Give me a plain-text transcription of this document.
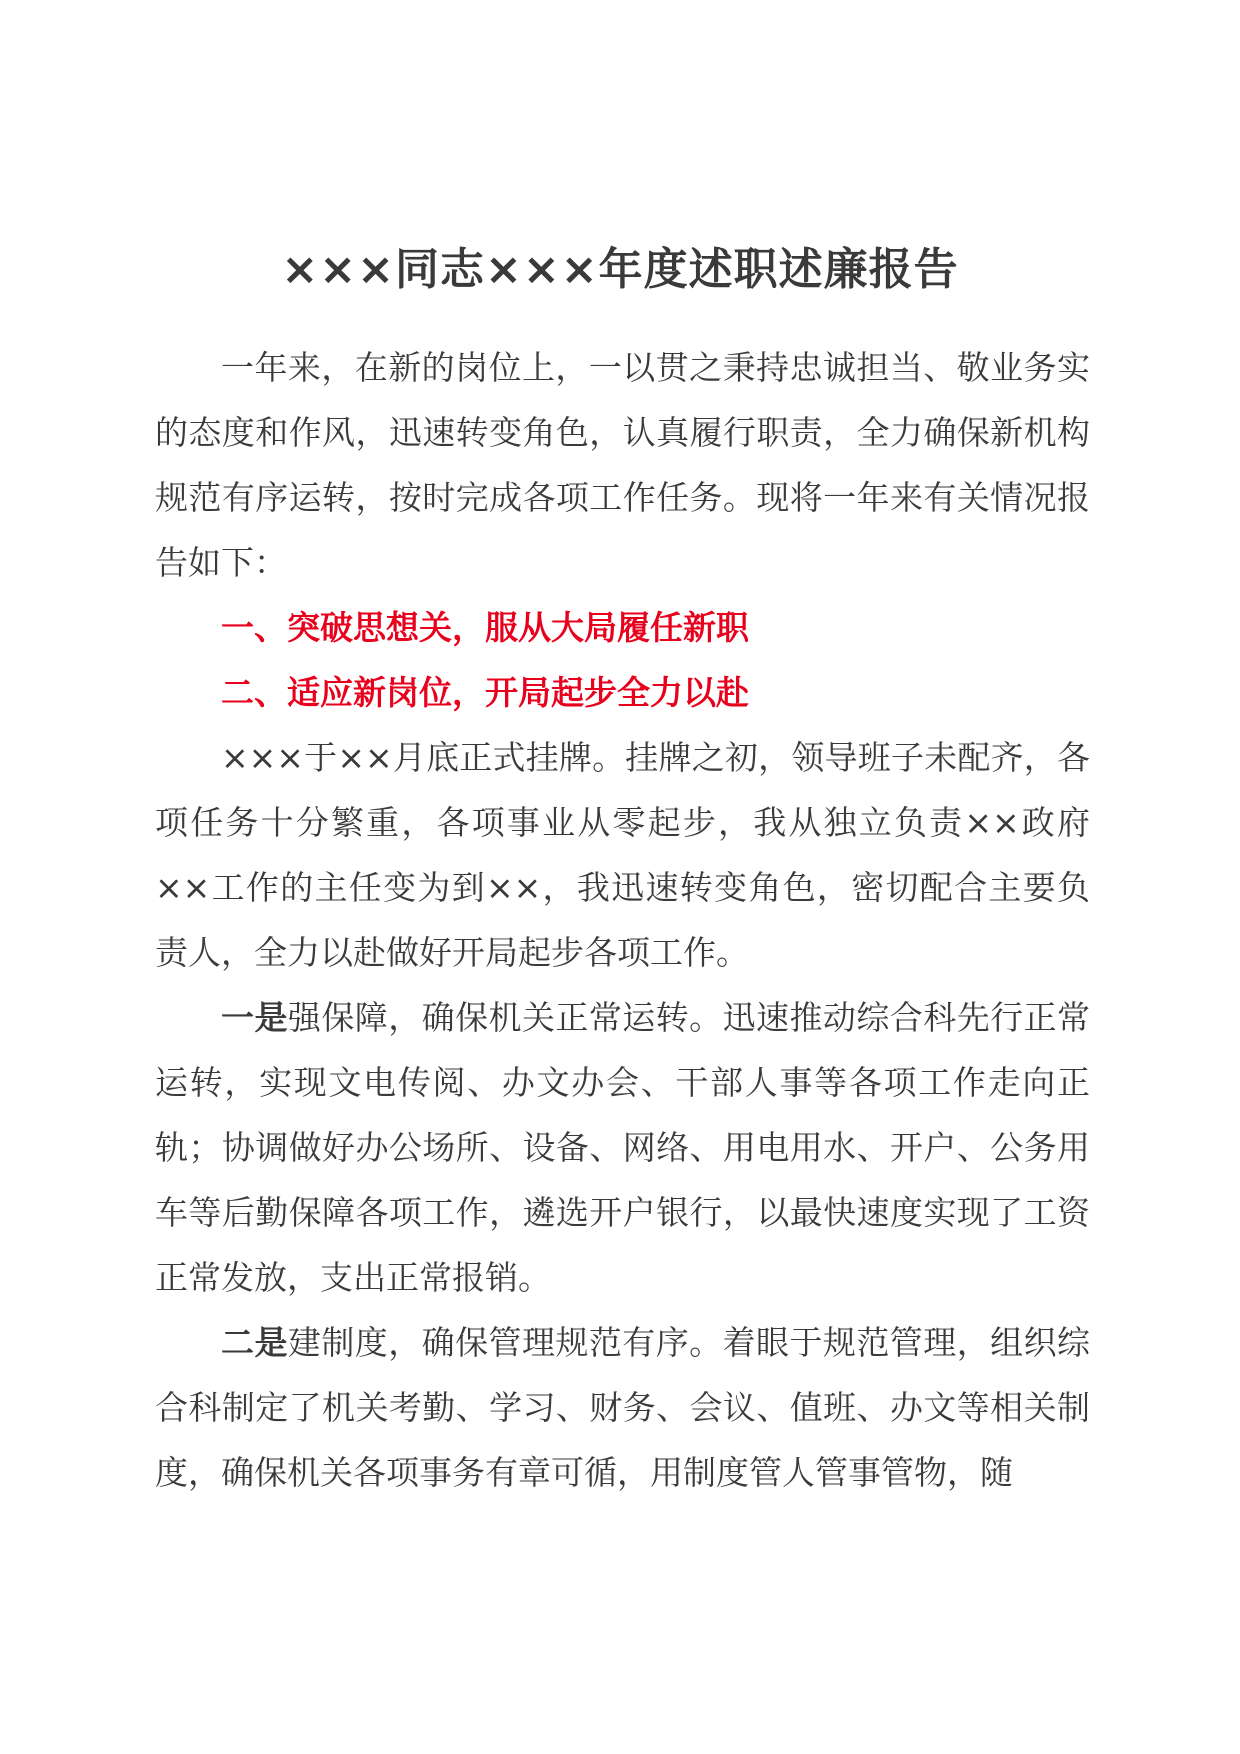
×××同志×××年度述职述廉报告

一年来，在新的岗位上，一以贯之秉持忠诚担当、敬业务实的态度和作风，迅速转变角色，认真履行职责，全力确保新机构规范有序运转，按时完成各项工作任务。现将一年来有关情况报告如下：

一、突破思想关，服从大局履任新职

二、适应新岗位，开局起步全力以赴

×××于××月底正式挂牌。挂牌之初，领导班子未配齐，各项任务十分繁重，各项事业从零起步，我从独立负责××政府××工作的主任变为到××，我迅速转变角色，密切配合主要负责人，全力以赴做好开局起步各项工作。

一是强保障，确保机关正常运转。迅速推动综合科先行正常运转，实现文电传阅、办文办会、干部人事等各项工作走向正轨；协调做好办公场所、设备、网络、用电用水、开户、公务用车等后勤保障各项工作，遴选开户银行，以最快速度实现了工资正常发放，支出正常报销。

二是建制度，确保管理规范有序。着眼于规范管理，组织综合科制定了机关考勤、学习、财务、会议、值班、办文等相关制度，确保机关各项事务有章可循，用制度管人管事管物，随
